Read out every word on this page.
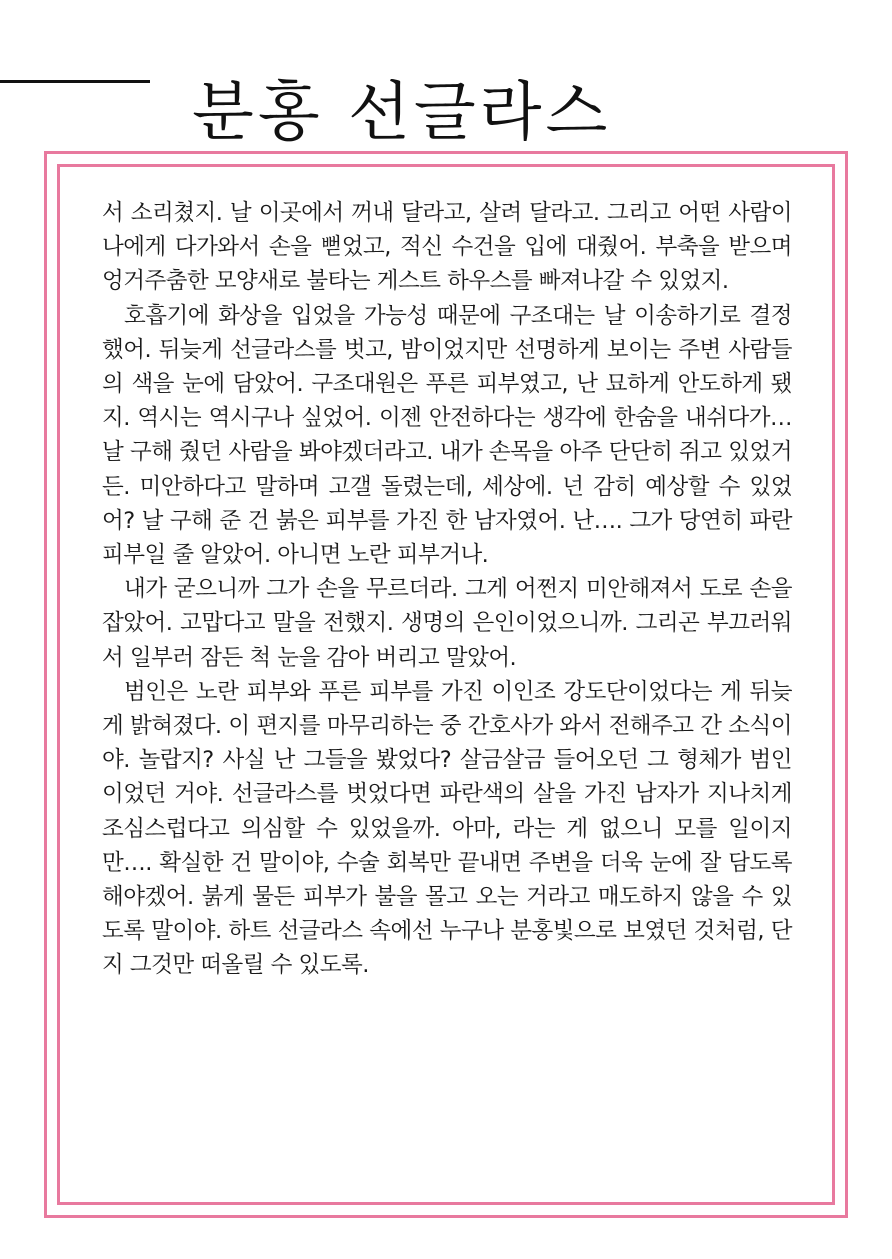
분홍 선글라스

서 소리쳤지. 날 이곳에서 꺼내 달라고, 살려 달라고. 그리고 어떤 사람이 나에게 다가와서 손을 뻗었고, 적신 수건을 입에 대줬어. 부축을 받으며 엉거주춤한 모양새로 불타는 게스트 하우스를 빠져나갈 수 있었지.

호흡기에 화상을 입었을 가능성 때문에 구조대는 날 이송하기로 결정했어. 뒤늦게 선글라스를 벗고, 밤이었지만 선명하게 보이는 주변 사람들의 색을 눈에 담았어. 구조대원은 푸른 피부였고, 난 묘하게 안도하게 됐지. 역시는 역시구나 싶었어. 이젠 안전하다는 생각에 한숨을 내쉬다가… 날 구해 줬던 사람을 봐야겠더라고. 내가 손목을 아주 단단히 쥐고 있었거든. 미안하다고 말하며 고갤 돌렸는데, 세상에. 넌 감히 예상할 수 있었어? 날 구해 준 건 붉은 피부를 가진 한 남자였어. 난…. 그가 당연히 파란 피부일 줄 알았어. 아니면 노란 피부거나.

내가 굳으니까 그가 손을 무르더라. 그게 어쩐지 미안해져서 도로 손을 잡았어. 고맙다고 말을 전했지. 생명의 은인이었으니까. 그리곤 부끄러워서 일부러 잠든 척 눈을 감아 버리고 말았어.

범인은 노란 피부와 푸른 피부를 가진 이인조 강도단이었다는 게 뒤늦게 밝혀졌다. 이 편지를 마무리하는 중 간호사가 와서 전해주고 간 소식이야. 놀랍지? 사실 난 그들을 봤었다? 살금살금 들어오던 그 형체가 범인이었던 거야. 선글라스를 벗었다면 파란색의 살을 가진 남자가 지나치게 조심스럽다고 의심할 수 있었을까. 아마, 라는 게 없으니 모를 일이지만…. 확실한 건 말이야, 수술 회복만 끝내면 주변을 더욱 눈에 잘 담도록 해야겠어. 붉게 물든 피부가 불을 몰고 오는 거라고 매도하지 않을 수 있도록 말이야. 하트 선글라스 속에선 누구나 분홍빛으로 보였던 것처럼, 단지 그것만 떠올릴 수 있도록.
